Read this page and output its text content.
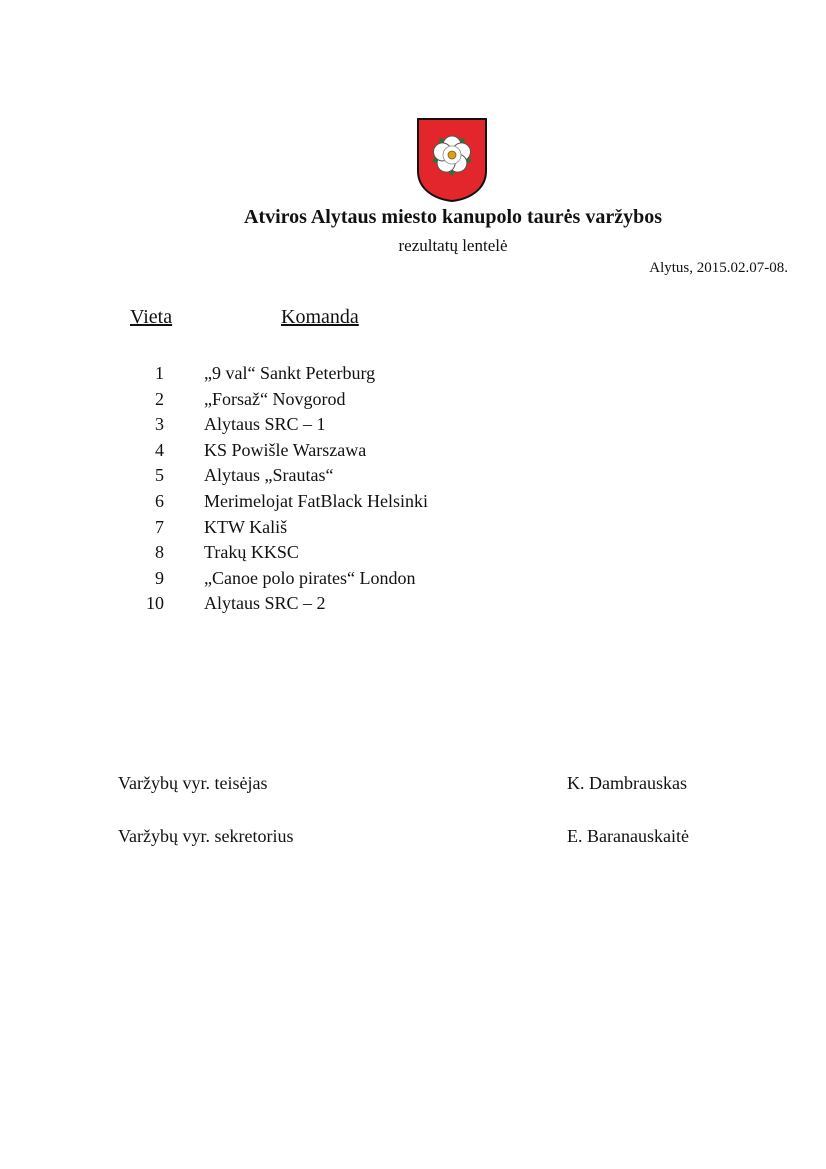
Atviros Alytaus miesto kanupolo taurės varžybos
rezultatų lentelė
Alytus, 2015.02.07-08.
Vieta	Komanda
1 „9 val“ Sankt Peterburg
2 „Forsaž“ Novgorod
3 Alytaus SRC – 1
4 KS Powišle Warszawa
5 Alytaus „Srautas“
6 Merimelojat FatBlack Helsinki
7 KTW Kališ
8 Trakų KKSC
9 „Canoe polo pirates“ London
10 Alytaus SRC – 2
Varžybų vyr. teisėjas	K. Dambrauskas
Varžybų vyr. sekretorius	E. Baranauskaitė
